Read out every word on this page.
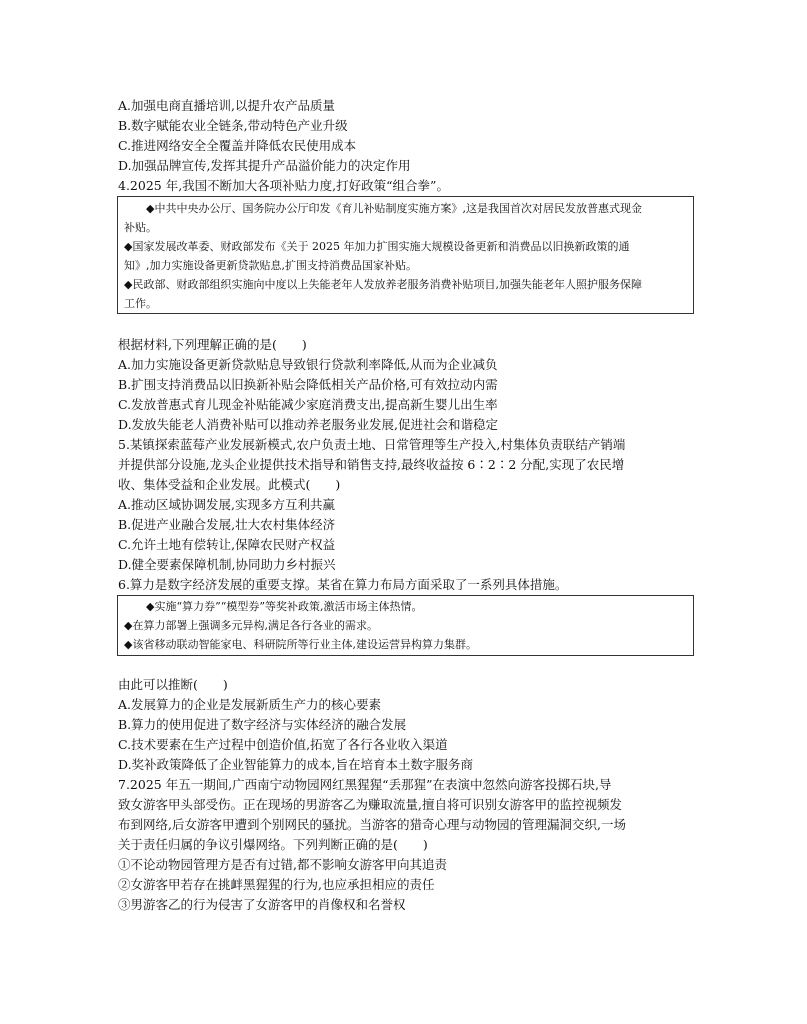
A.加强电商直播培训,以提升农产品质量
B.数字赋能农业全链条,带动特色产业升级
C.推进网络安全全覆盖并降低农民使用成本
D.加强品牌宣传,发挥其提升产品溢价能力的决定作用
4.2025 年,我国不断加大各项补贴力度,打好政策“组合拳”。
◆中共中央办公厅、国务院办公厅印发《育儿补贴制度实施方案》,这是我国首次对居民发放普惠式现金
补贴。
◆国家发展改革委、财政部发布《关于 2025 年加力扩围实施大规模设备更新和消费品以旧换新政策的通
知》,加力实施设备更新贷款贴息,扩围支持消费品国家补贴。
◆民政部、财政部组织实施向中度以上失能老年人发放养老服务消费补贴项目,加强失能老年人照护服务保障
工作。
根据材料,下列理解正确的是(　　)
A.加力实施设备更新贷款贴息导致银行贷款利率降低,从而为企业减负
B.扩围支持消费品以旧换新补贴会降低相关产品价格,可有效拉动内需
C.发放普惠式育儿现金补贴能减少家庭消费支出,提高新生婴儿出生率
D.发放失能老人消费补贴可以推动养老服务业发展,促进社会和谐稳定
5.某镇探索蓝莓产业发展新模式,农户负责土地、日常管理等生产投入,村集体负责联结产销端
并提供部分设施,龙头企业提供技术指导和销售支持,最终收益按 6∶2∶2 分配,实现了农民增
收、集体受益和企业发展。此模式(　　)
A.推动区域协调发展,实现多方互利共赢
B.促进产业融合发展,壮大农村集体经济
C.允许土地有偿转让,保障农民财产权益
D.健全要素保障机制,协同助力乡村振兴
6.算力是数字经济发展的重要支撑。某省在算力布局方面采取了一系列具体措施。
◆实施“算力券”“模型券”等奖补政策,激活市场主体热情。
◆在算力部署上强调多元异构,满足各行各业的需求。
◆该省移动联动智能家电、科研院所等行业主体,建设运营异构算力集群。
由此可以推断(　　)
A.发展算力的企业是发展新质生产力的核心要素
B.算力的使用促进了数字经济与实体经济的融合发展
C.技术要素在生产过程中创造价值,拓宽了各行各业收入渠道
D.奖补政策降低了企业智能算力的成本,旨在培育本土数字服务商
7.2025 年五一期间,广西南宁动物园网红黑猩猩“丢那猩”在表演中忽然向游客投掷石块,导
致女游客甲头部受伤。正在现场的男游客乙为赚取流量,擅自将可识别女游客甲的监控视频发
布到网络,后女游客甲遭到个别网民的骚扰。当游客的猎奇心理与动物园的管理漏洞交织,一场
关于责任归属的争议引爆网络。下列判断正确的是(　　)
①不论动物园管理方是否有过错,都不影响女游客甲向其追责
②女游客甲若存在挑衅黑猩猩的行为,也应承担相应的责任
③男游客乙的行为侵害了女游客甲的肖像权和名誉权
